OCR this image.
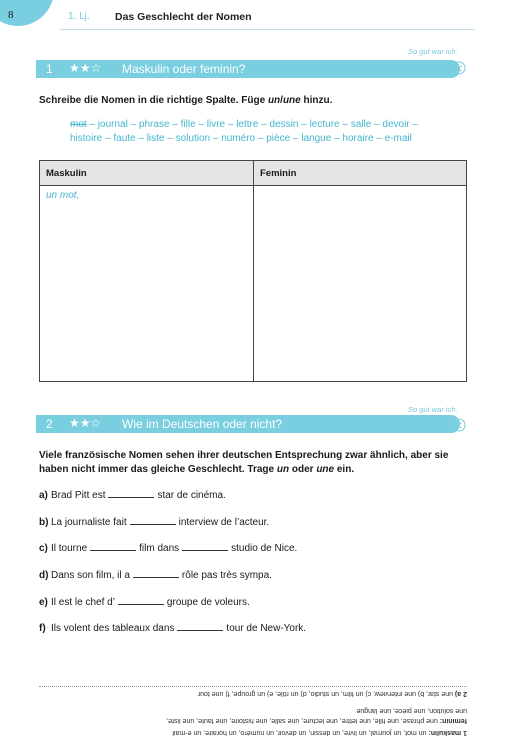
8	1. Lj. Das Geschlecht der Nomen
So gut war ich.
1 ★★☆ Maskulin oder feminin?
Schreibe die Nomen in die richtige Spalte. Füge un/une hinzu.
mot – journal – phrase – fille – livre – lettre – dessin – lecture – salle – devoir –
histoire – faute – liste – solution – numéro – pièce – langue – horaire – e-mail
Maskulin	Feminin
un mot,
So gut war ich.
2 ★★☆ Wie im Deutschen oder nicht?
Viele französische Nomen sehen ihrer deutschen Entsprechung zwar ähnlich, aber sie
haben nicht immer das gleiche Geschlecht. Trage un oder une ein.
a) Brad Pitt est	star de cinéma.
b) La journaliste fait	interview de l’acteur.
c) Il tourne	film dans	studio de Nice.
d) Dans son film, il a	rôle pas très sympa.
e) Il est le chef d’	groupe de voleurs.
f) Ils volent des tableaux dans	tour de New-York.
2 a) une star, b) une interview, c) un film, un studio, d) un rôle, e) un groupe, f) une tour
une solution, une pièce, une langue
feminin: une phrase, une fille, une lettre, une lecture, une salle, une histoire, une faute, une liste,
1 maskulin: un mot, un journal, un livre, un dessin, un devoir, un numéro, un horaire, un e-mail
